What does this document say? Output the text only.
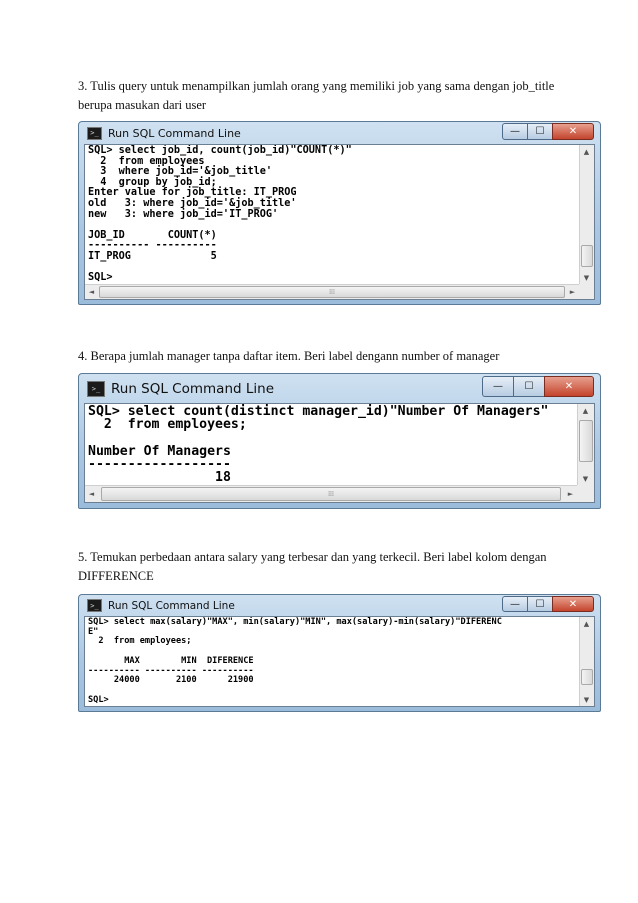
3. Tulis query untuk menampilkan jumlah orang yang memiliki job yang sama dengan job_title berupa masukan dari user
>_ Run SQL Command Line	—	☐	✕
SQL> select job_id, count(job_id)"COUNT(*)"
2  from employees
3  where job_id='&job_title'
4  group by job_id;
Enter value for job_title: IT_PROG
old   3: where job_id='&job_title'
new   3: where job_id='IT_PROG'

JOB_ID       COUNT(*)
---------- ----------
IT_PROG             5

SQL>
▲
▼
◄	⁞⁞⁞	►
4. Berapa jumlah manager tanpa daftar item. Beri label dengann number of manager
>_ Run SQL Command Line	—	☐	✕
SQL> select count(distinct manager_id)"Number Of Managers"
2  from employees;

Number Of Managers
------------------
18
▲
▼
◄	⁞⁞⁞	►
5. Temukan perbedaan antara salary yang terbesar dan yang terkecil. Beri label kolom dengan DIFFERENCE
>_ Run SQL Command Line	—	☐	✕
SQL> select max(salary)"MAX", min(salary)"MIN", max(salary)-min(salary)"DIFERENC
E"
2  from employees;

MAX        MIN  DIFERENCE
---------- ---------- ----------
24000       2100      21900

SQL>
▲
▼
